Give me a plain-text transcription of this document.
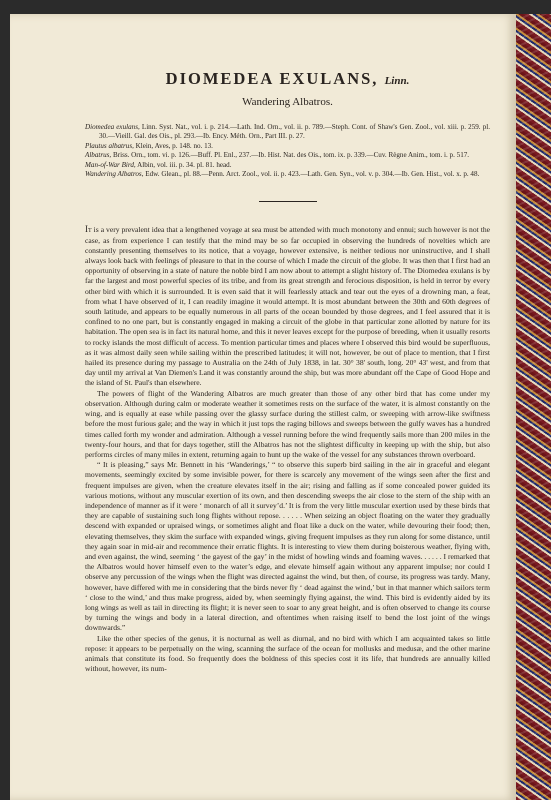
DIOMEDEA EXULANS, Linn.
Wandering Albatros.

Diomedea exulans, Linn. Syst. Nat., vol. i. p. 214.—Lath. Ind. Orn., vol. ii. p. 789.—Steph. Cont. of Shaw's Gen. Zool., vol. xiii. p. 259. pl. 30.—Vieill. Gal. des Ois., pl. 293.—Ib. Ency. Méth. Orn., Part III. p. 27.

Plautus albatrus, Klein, Aves, p. 148. no. 13.

Albatrus, Briss. Orn., tom. vi. p. 126.—Buff. Pl. Enl., 237.—Ib. Hist. Nat. des Ois., tom. ix. p. 339.—Cuv. Règne Anim., tom. i. p. 517.

Man-of-War Bird, Albin, vol. iii. p. 34. pl. 81. head.

Wandering Albatros, Edw. Glean., pl. 88.—Penn. Arct. Zool., vol. ii. p. 423.—Lath. Gen. Syn., vol. v. p. 304.—Ib. Gen. Hist., vol. x. p. 48.

It is a very prevalent idea that a lengthened voyage at sea must be attended with much monotony and ennui; such however is not the case, as from experience I can testify that the mind may be so far occupied in observing the hundreds of novelties which are constantly presenting themselves to its notice, that a voyage, however extensive, is neither tedious nor uninstructive, and I shall always look back with feelings of pleasure to that in the course of which I made the circuit of the globe. It was then that I first had an opportunity of observing in a state of nature the noble bird I am now about to attempt a slight history of. The Diomedea exulans is by far the largest and most powerful species of its tribe, and from its great strength and ferocious disposition, is held in terror by every other bird with which it is surrounded. It is even said that it will fearlessly attack and tear out the eyes of a drowning man, a feat, from what I have observed of it, I can readily imagine it would attempt. It is most abundant between the 30th and 60th degrees of south latitude, and appears to be equally numerous in all parts of the ocean bounded by those degrees, and I feel assured that it is confined to no one part, but is constantly engaged in making a circuit of the globe in that particular zone allotted by nature for its habitation. The open sea is in fact its natural home, and this it never leaves except for the purpose of breeding, when it usually resorts to rocky islands the most difficult of access. To mention particular times and places where I observed this bird would be superfluous, as it was almost daily seen while sailing within the prescribed latitudes; it will not, however, be out of place to mention, that I first hailed its presence during my passage to Australia on the 24th of July 1838, in lat. 30° 38' south, long. 20° 43' west, and from that day until my arrival at Van Diemen's Land it was constantly around the ship, but was more abundant off the Cape of Good Hope and the island of St. Paul's than elsewhere.

The powers of flight of the Wandering Albatros are much greater than those of any other bird that has come under my observation. Although during calm or moderate weather it sometimes rests on the surface of the water, it is almost constantly on the wing, and is equally at ease while passing over the glassy surface during the stillest calm, or sweeping with arrow-like swiftness before the most furious gale; and the way in which it just tops the raging billows and sweeps between the gulfy waves has a hundred times called forth my wonder and admiration. Although a vessel running before the wind frequently sails more than 200 miles in the twenty-four hours, and that for days together, still the Albatros has not the slightest difficulty in keeping up with the ship, but also performs circles of many miles in extent, returning again to hunt up the wake of the vessel for any substances thrown overboard.

“ It is pleasing,” says Mr. Bennett in his ‘Wanderings,’ “ to observe this superb bird sailing in the air in graceful and elegant movements, seemingly excited by some invisible power, for there is scarcely any movement of the wings seen after the first and frequent impulses are given, when the creature elevates itself in the air; rising and falling as if some concealed power guided its various motions, without any muscular exertion of its own, and then descending sweeps the air close to the stern of the ship with an independence of manner as if it were ‘ monarch of all it survey’d.’ It is from the very little muscular exertion used by these birds that they are capable of sustaining such long flights without repose. . . . . . When seizing an object floating on the water they gradually descend with expanded or upraised wings, or sometimes alight and float like a duck on the water, while devouring their food; then, elevating themselves, they skim the surface with expanded wings, giving frequent impulses as they run along for some distance, until they again soar in mid-air and recommence their erratic flights. It is interesting to view them during boisterous weather, flying with, and even against, the wind, seeming ‘ the gayest of the gay’ in the midst of howling winds and foaming waves. . . . . . I remarked that the Albatros would hover himself even to the water’s edge, and elevate himself again without any apparent impulse; nor could I observe any percussion of the wings when the flight was directed against the wind, but then, of course, its progress was tardy. Many, however, have differed with me in considering that the birds never fly ‘ dead against the wind,’ but in that manner which sailors term ‘ close to the wind,’ and thus make progress, aided by, when seemingly flying against, the wind. This bird is evidently aided by its long wings as well as tail in directing its flight; it is never seen to soar to any great height, and is often observed to change its course by turning the wings and body in a lateral direction, and oftentimes when raising itself to bend the lost joint of the wings downwards.”

Like the other species of the genus, it is nocturnal as well as diurnal, and no bird with which I am acquainted takes so little repose: it appears to be perpetually on the wing, scanning the surface of the ocean for mollusks and medusæ, and the other marine animals that constitute its food. So frequently does the boldness of this species cost it its life, that hundreds are annually killed without, however, its num-
